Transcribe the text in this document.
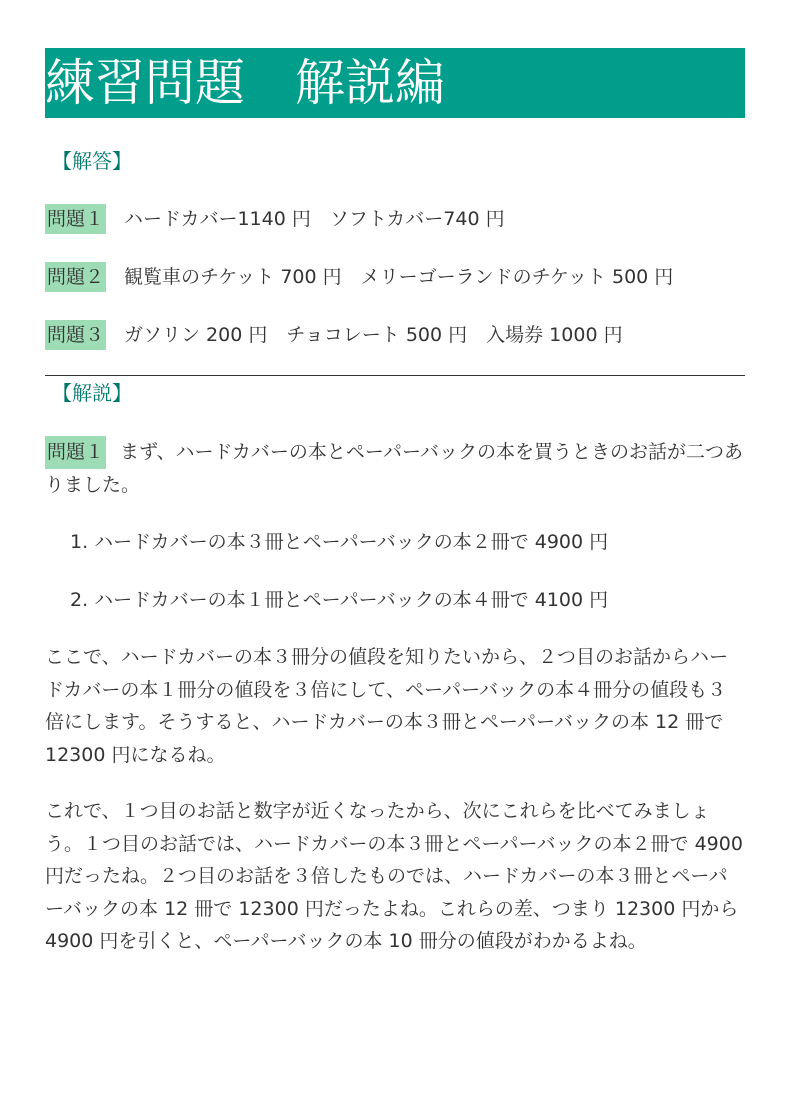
練習問題　解説編
【解答】
問題１ ハードカバー1140 円　ソフトカバー740 円
問題２ 観覧車のチケット 700 円　メリーゴーランドのチケット 500 円
問題３ ガソリン 200 円　チョコレート 500 円　入場券 1000 円
【解説】

問題１ まず、ハードカバーの本とペーパーバックの本を買うときのお話が二つありました。

1. ハードカバーの本３冊とペーパーバックの本２冊で 4900 円
2. ハードカバーの本１冊とペーパーバックの本４冊で 4100 円

ここで、ハードカバーの本３冊分の値段を知りたいから、２つ目のお話からハードカバーの本１冊分の値段を３倍にして、ペーパーバックの本４冊分の値段も３倍にします。そうすると、ハードカバーの本３冊とペーパーバックの本 12 冊で 12300 円になるね。

これで、１つ目のお話と数字が近くなったから、次にこれらを比べてみましょう。１つ目のお話では、ハードカバーの本３冊とペーパーバックの本２冊で 4900 円だったね。２つ目のお話を３倍したものでは、ハードカバーの本３冊とペーパーバックの本 12 冊で 12300 円だったよね。これらの差、つまり 12300 円から 4900 円を引くと、ペーパーバックの本 10 冊分の値段がわかるよね。
